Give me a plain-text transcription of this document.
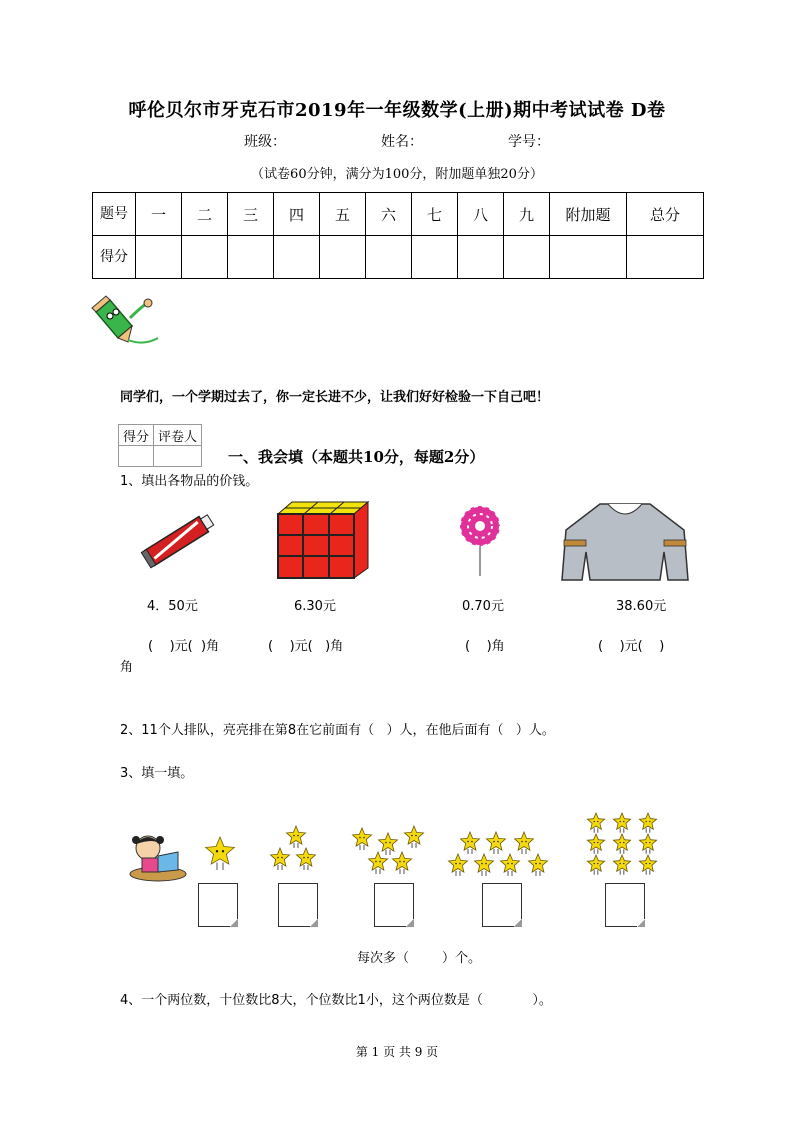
呼伦贝尔市牙克石市2019年一年级数学(上册)期中考试试卷 D卷
班级：	姓名：	学号：
（试卷60分钟，满分为100分，附加题单独20分）
题号	一	二	三	四	五	六	七	八	九	附加题	总分
得分											
同学们，一个学期过去了，你一定长进不少，让我们好好检验一下自己吧！
得分	评卷人

一、我会填（本题共10分，每题2分）
1、填出各物品的价钱。
4．50元	6.30元	0.70元	38.60元
(    )元(  )角	(    )元(   )角	(    )角	(    )元(    )
角
2、11个人排队，亮亮排在第8在它前面有（   ）人，在他后面有（   ）人。
3、填一填。
每次多（        ）个。
4、一个两位数，十位数比8大，个位数比1小，这个两位数是（            ）。
第 1 页 共 9 页
